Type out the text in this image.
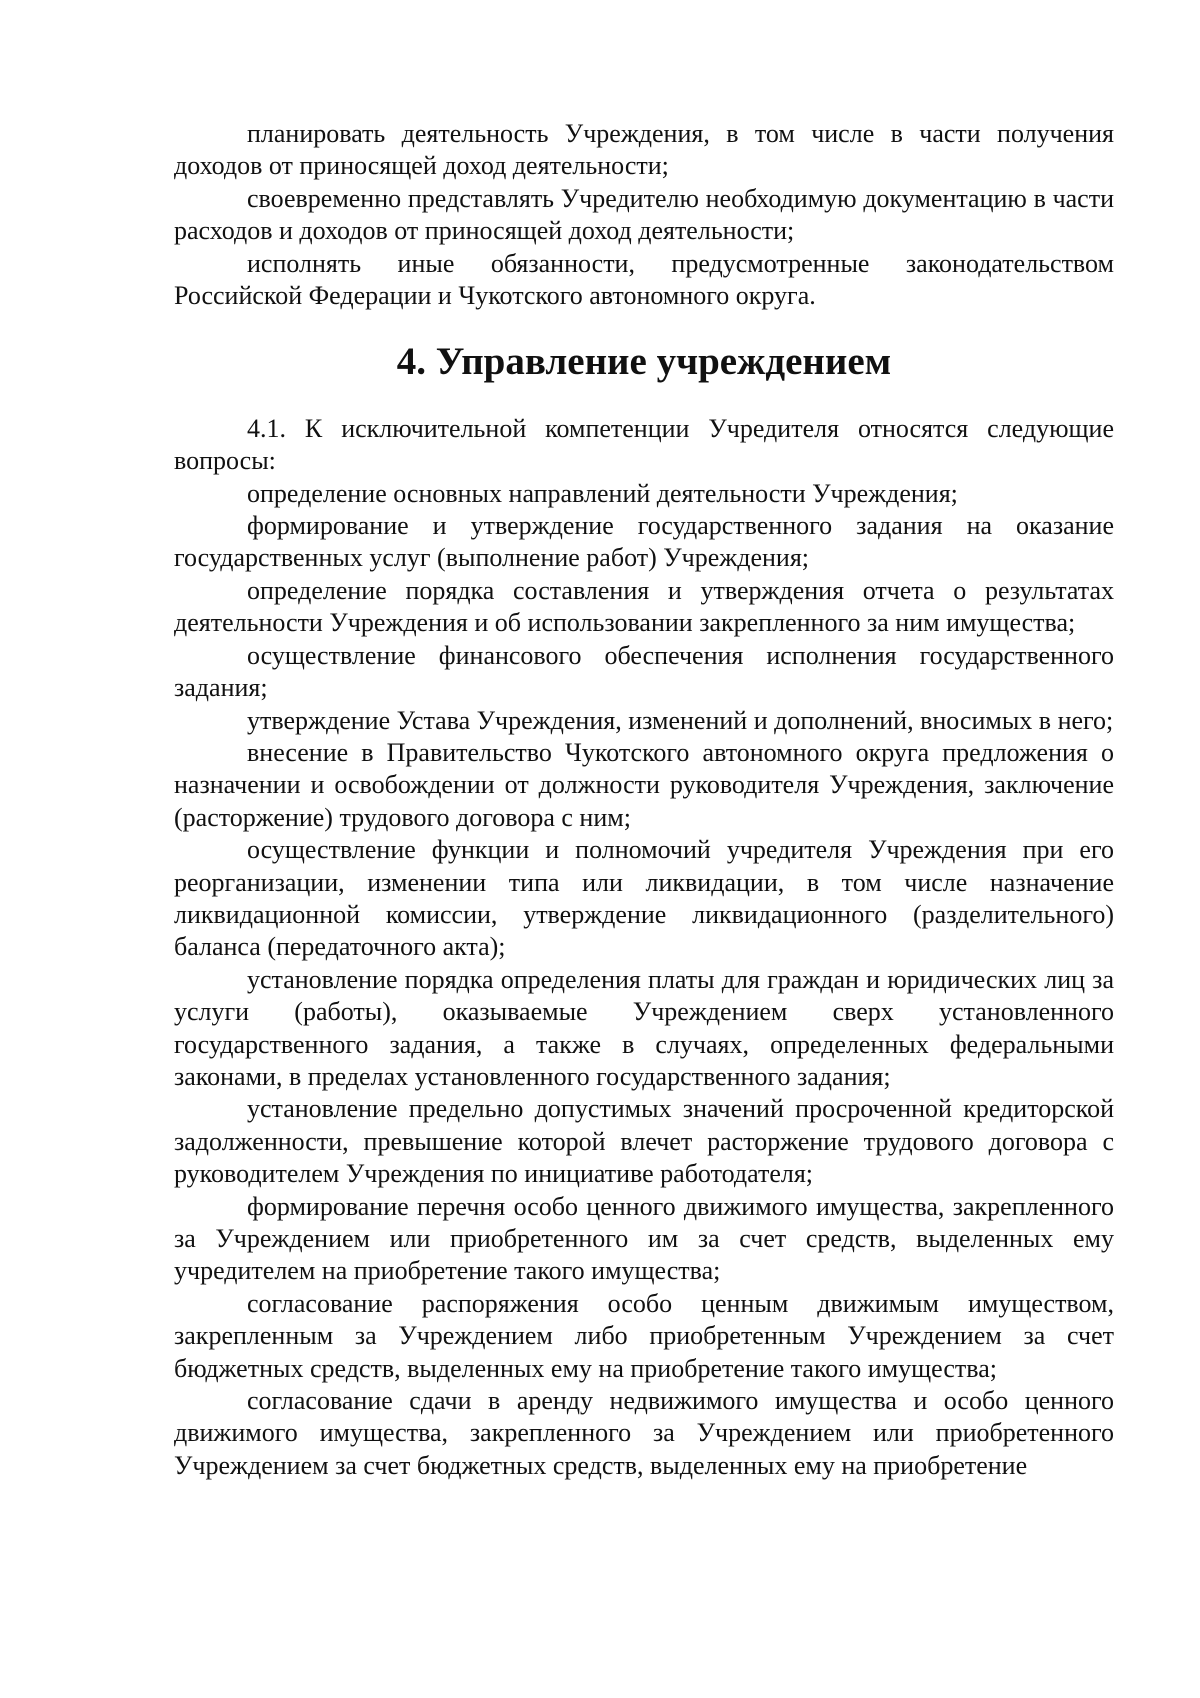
планировать деятельность Учреждения, в том числе в части получения доходов от приносящей доход деятельности;

своевременно представлять Учредителю необходимую документацию в части расходов и доходов от приносящей доход деятельности;

исполнять иные обязанности, предусмотренные законодательством Российской Федерации и Чукотского автономного округа.

4. Управление учреждением

4.1. К исключительной компетенции Учредителя относятся следующие вопросы:

определение основных направлений деятельности Учреждения;

формирование и утверждение государственного задания на оказание государственных услуг (выполнение работ) Учреждения;

определение порядка составления и утверждения отчета о результатах деятельности Учреждения и об использовании закрепленного за ним имущества;

осуществление финансового обеспечения исполнения государственного задания;

утверждение Устава Учреждения, изменений и дополнений, вносимых в него;

внесение в Правительство Чукотского автономного округа предложения о назначении и освобождении от должности руководителя Учреждения, заключение (расторжение) трудового договора с ним;

осуществление функции и полномочий учредителя Учреждения при его реорганизации, изменении типа или ликвидации, в том числе назначение ликвидационной комиссии, утверждение ликвидационного (разделительного) баланса (передаточного акта);

установление порядка определения платы для граждан и юридических лиц за услуги (работы), оказываемые Учреждением сверх установленного государственного задания, а также в случаях, определенных федеральными законами, в пределах установленного государственного задания;

установление предельно допустимых значений просроченной кредиторской задолженности, превышение которой влечет расторжение трудового договора с руководителем Учреждения по инициативе работодателя;

формирование перечня особо ценного движимого имущества, закрепленного за Учреждением или приобретенного им за счет средств, выделенных ему учредителем на приобретение такого имущества;

согласование распоряжения особо ценным движимым имуществом, закрепленным за Учреждением либо приобретенным Учреждением за счет бюджетных средств, выделенных ему на приобретение такого имущества;

согласование сдачи в аренду недвижимого имущества и особо ценного движимого имущества, закрепленного за Учреждением или приобретенного Учреждением за счет бюджетных средств, выделенных ему на приобретение
